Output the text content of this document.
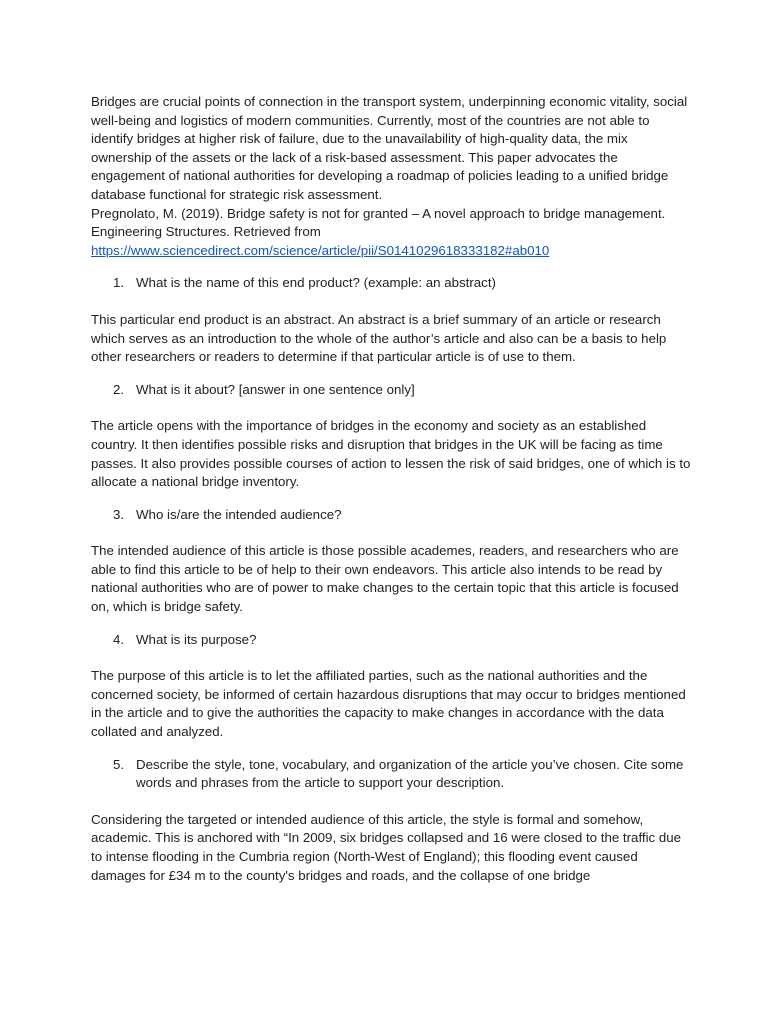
Bridges are crucial points of connection in the transport system, underpinning economic vitality, social well-being and logistics of modern communities. Currently, most of the countries are not able to identify bridges at higher risk of failure, due to the unavailability of high-quality data, the mix ownership of the assets or the lack of a risk-based assessment. This paper advocates the engagement of national authorities for developing a roadmap of policies leading to a unified bridge database functional for strategic risk assessment.

Pregnolato, M. (2019). Bridge safety is not for granted – A novel approach to bridge management. Engineering Structures. Retrieved from
https://www.sciencedirect.com/science/article/pii/S0141029618333182#ab010

1. What is the name of this end product? (example: an abstract)

This particular end product is an abstract. An abstract is a brief summary of an article or research which serves as an introduction to the whole of the author’s article and also can be a basis to help other researchers or readers to determine if that particular article is of use to them.

2. What is it about? [answer in one sentence only]

The article opens with the importance of bridges in the economy and society as an established country. It then identifies possible risks and disruption that bridges in the UK will be facing as time passes. It also provides possible courses of action to lessen the risk of said bridges, one of which is to allocate a national bridge inventory.

3. Who is/are the intended audience?

The intended audience of this article is those possible academes, readers, and researchers who are able to find this article to be of help to their own endeavors. This article also intends to be read by national authorities who are of power to make changes to the certain topic that this article is focused on, which is bridge safety.

4. What is its purpose?

The purpose of this article is to let the affiliated parties, such as the national authorities and the concerned society, be informed of certain hazardous disruptions that may occur to bridges mentioned in the article and to give the authorities the capacity to make changes in accordance with the data collated and analyzed.

5. Describe the style, tone, vocabulary, and organization of the article you’ve chosen. Cite some words and phrases from the article to support your description.

Considering the targeted or intended audience of this article, the style is formal and somehow, academic. This is anchored with “In 2009, six bridges collapsed and 16 were closed to the traffic due to intense flooding in the Cumbria region (North-West of England); this flooding event caused damages for £34 m to the county's bridges and roads, and the collapse of one bridge
